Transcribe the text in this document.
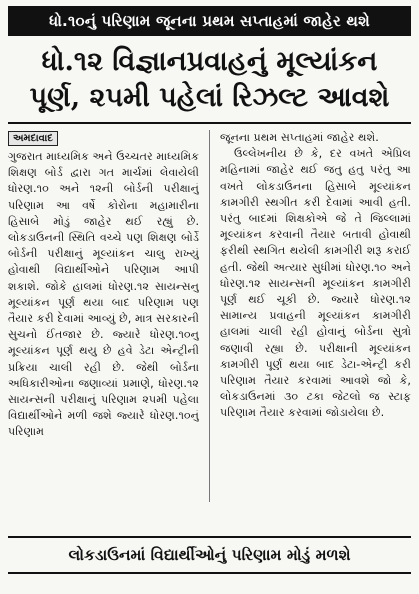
ધો.૧૦નું પરિણામ જૂનના પ્રથમ સપ્તાહમાં જાહેર થશે
ધો.૧૨ વિજ્ઞાનપ્રવાહનું મૂલ્યાંકન
પૂર્ણ, ૨૫મી પહેલાં રિઝલ્ટ આવશે
અમદાવાદ

ગુજરાત માધ્યમિક અને ઉચ્ચતર માધ્યમિક શિક્ષણ બોર્ડ દ્વારા ગત માર્ચમાં લેવાયેલી ધોરણ.૧૦ અને ૧૨ની બોર્ડની પરીક્ષાનું પરિણામ આ વર્ષે કોરોના મહામારીના હિસાબે મોડું જાહેર થઈ રહ્યું છે. લોકડાઉનની સ્થિતિ વચ્ચે પણ શિક્ષણ બોર્ડે બોર્ડની પરીક્ષાનું મૂલ્યાંકન ચાલુ રાખ્યું હોવાથી વિદ્યાર્થીઓને પરિણામ આપી શકાશે. જોકે હાલમાં ધોરણ.૧૨ સાયન્સનુ મૂલ્યાંકન પૂર્ણ થયા બાદ પરિણામ પણ તૈયાર કરી દેવામાં આવ્યું છે, માત્ર સરકારની સુચનો ઈંતજાર છે. જ્યારે ધોરણ.૧૦નુ મૂલ્યાંકન પૂર્ણ થયુ છે હવે ડેટા એન્ટ્રીની પ્રક્રિયા ચાલી રહી છે. જેથી બોર્ડના અધિકારીઓના જણાવ્યાં પ્રમાણે, ધોરણ.૧૨ સાયન્સની પરીક્ષાનું પરિણામ ૨૫મી પહેલા વિદ્યાર્થીઓને મળી જશે જ્યારે ધોરણ.૧૦નું પરિણામ

જૂનના પ્રથમ સપ્તાહમાં જાહેર થશે.

ઉલ્લેખનીય છે કે, દર વખતે એપ્રિલ મહિનામાં જાહેર થઈ જતુ હતુ પરંતુ આ વખતે લોકડાઉનના હિસાબે મૂલ્યાંકન કામગીરી સ્થગીત કરી દેવામાં આવી હતી. પરંતુ બાદમાં શિક્ષકોએ જે તે જિલ્લામાં મૂલ્યાંકન કરવાની તૈયાર બતાવી હોવાથી ફરીથી સ્થગિત થયેલી કામગીરી શરૂ કરાઈ હતી. જેથી અત્યાર સુધીમાં ધોરણ.૧૦ અને ધોરણ.૧૨ સાયન્સની મૂલ્યાંકન કામગીરી પૂર્ણ થઈ ચૂકી છે. જ્યારે ધોરણ.૧૨ સામાન્ય પ્રવાહની મૂલ્યાંકન કામગીરી હાલમાં ચાલી રહી હોવાનું બોર્ડના સુત્રો જણાવી રહ્યા છે. પરીક્ષાની મૂલ્યાંકન કામગીરી પૂર્ણ થયા બાદ ડેટા-એન્ટ્રી કરી પરિણામ તૈયાર કરવામાં આવશે જો કે, લોકડાઉનમાં ૩૦ ટકા જેટલો જ સ્ટાફ પરિણામ તૈયાર કરવામાં જોડાયેલા છે.

લોકડાઉનમાં વિદ્યાર્થીઓનું પરિણામ મોડું મળશે
